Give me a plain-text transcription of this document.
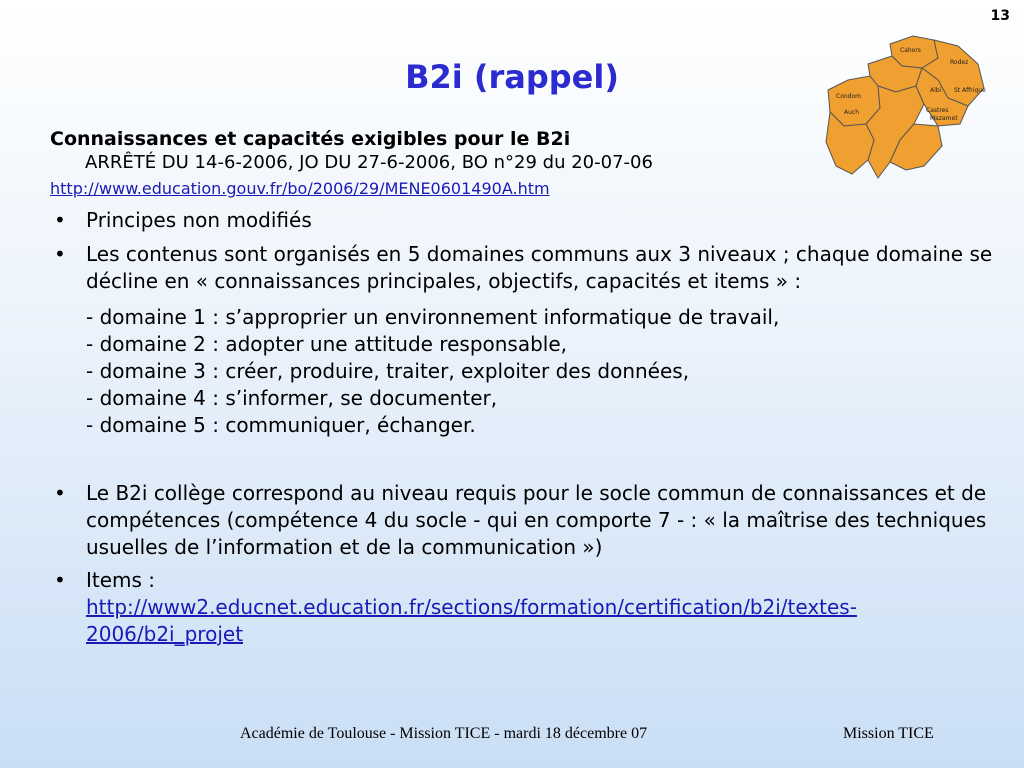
13
B2i (rappel)
Cahors
Rodez
Condom
Auch
Albi
Castres
Mazamet
St Affrique
Connaissances et capacités exigibles pour le B2i
ARRÊTÉ DU 14-6-2006, JO DU 27-6-2006, BO n°29 du 20-07-06
http://www.education.gouv.fr/bo/2006/29/MENE0601490A.htm
• Principes non modifiés
• Les contenus sont organisés en 5 domaines communs aux 3 niveaux ; chaque domaine se décline en « connaissances principales, objectifs, capacités et items » :
- domaine 1 : s’approprier un environnement informatique de travail,
- domaine 2 : adopter une attitude responsable,
- domaine 3 : créer, produire, traiter, exploiter des données,
- domaine 4 : s’informer, se documenter,
- domaine 5 : communiquer, échanger.
• Le B2i collège correspond au niveau requis pour le socle commun de connaissances et de compétences (compétence 4 du socle - qui en comporte 7 - : « la maîtrise des techniques usuelles de l’information et de la communication »)
• Items :
http://www2.educnet.education.fr/sections/formation/certification/b2i/textes-2006/b2i_projet
Académie de Toulouse - Mission TICE - mardi 18 décembre 07	Mission TICE
